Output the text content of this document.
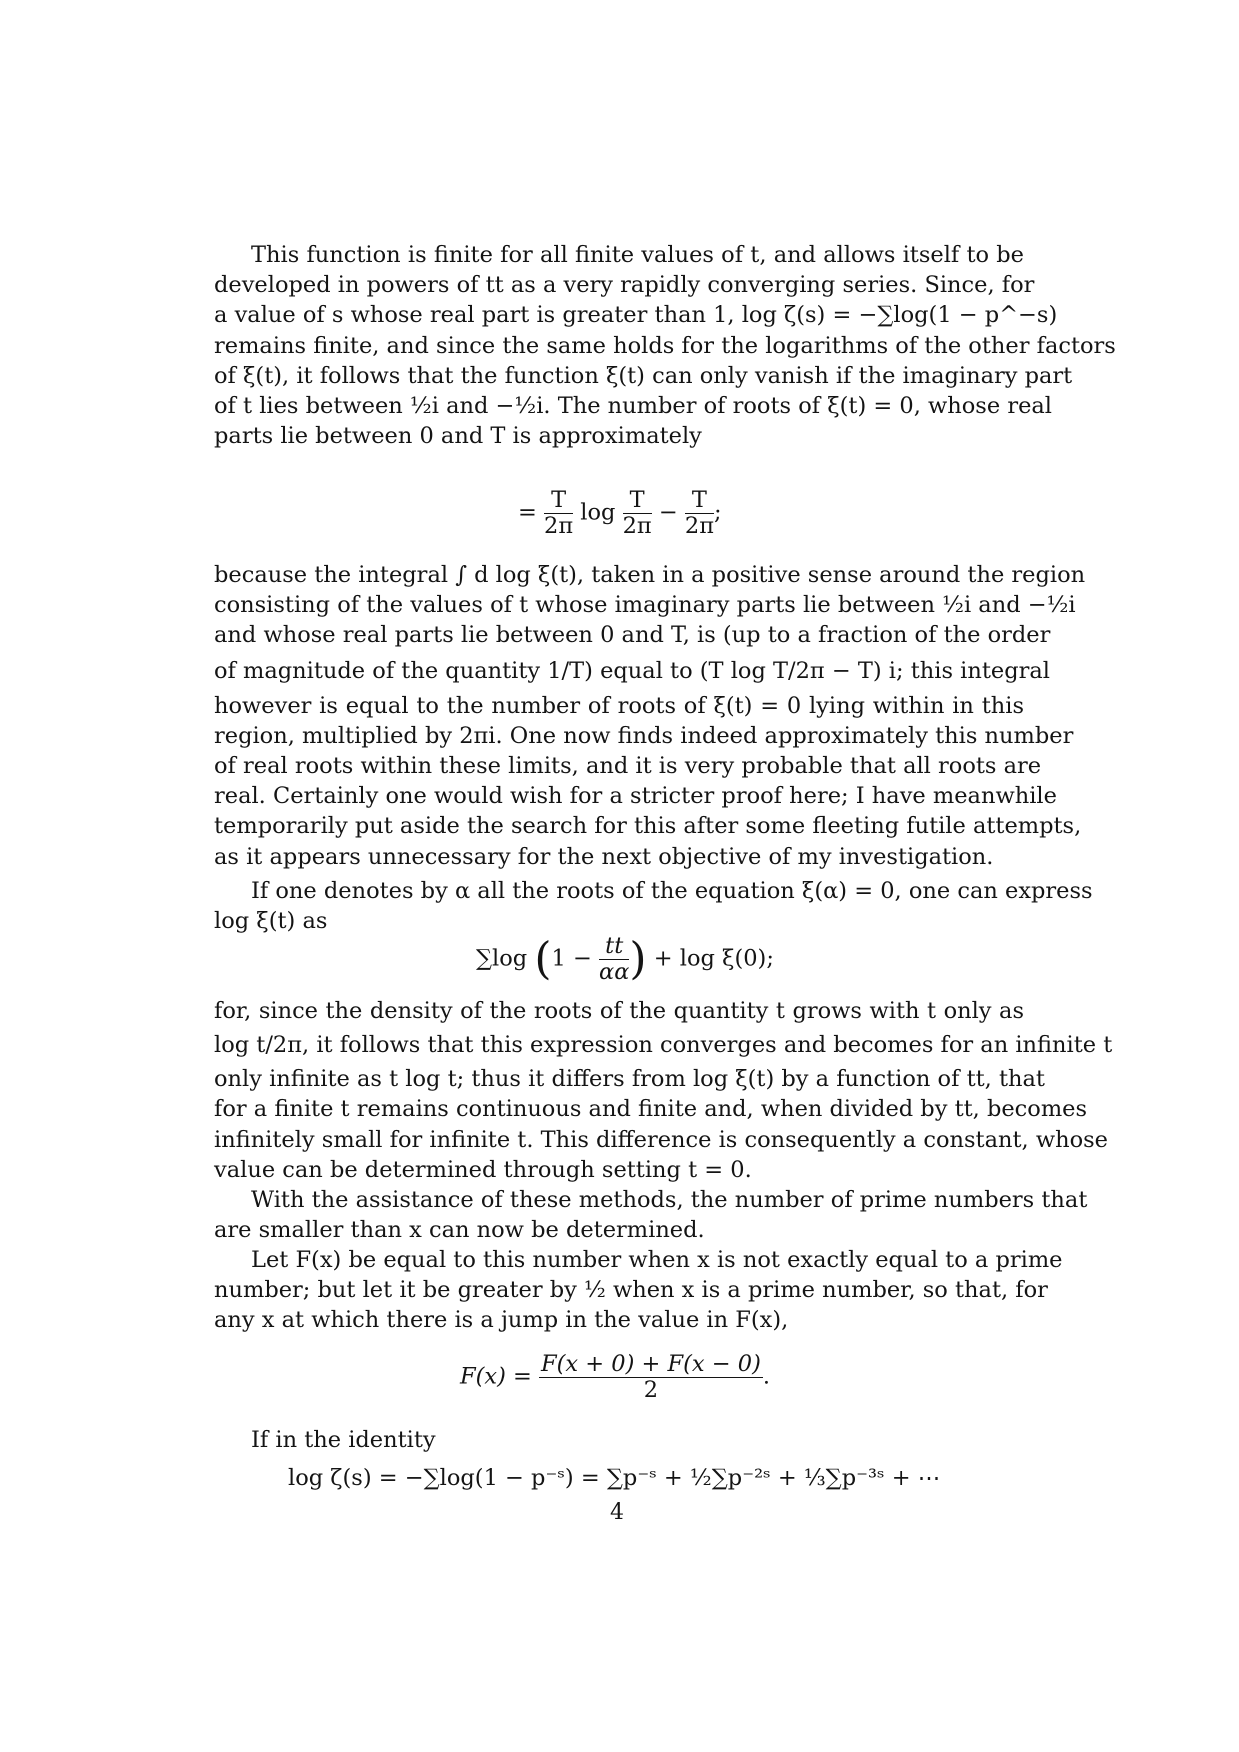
This function is finite for all finite values of t, and allows itself to be
developed in powers of tt as a very rapidly converging series. Since, for
a value of s whose real part is greater than 1, log ζ(s) = −∑log(1 − p^−s)
remains finite, and since the same holds for the logarithms of the other factors
of ξ(t), it follows that the function ξ(t) can only vanish if the imaginary part
of t lies between ½i and −½i. The number of roots of ξ(t) = 0, whose real
parts lie between 0 and T is approximately
= $\frac{T}{2\pi}$ $\log \frac{T}{2\pi} - \frac{T}{2\pi}$ ;
because the integral ∫ d log ξ(t), taken in a positive sense around the region
consisting of the values of t whose imaginary parts lie between ½i and −½i
and whose real parts lie between 0 and T, is (up to a fraction of the order
of magnitude of the quantity 1/T) equal to (T log T/2π − T) i; this integral
however is equal to the number of roots of ξ(t) = 0 lying within in this
region, multiplied by 2πi. One now finds indeed approximately this number
of real roots within these limits, and it is very probable that all roots are
real. Certainly one would wish for a stricter proof here; I have meanwhile
temporarily put aside the search for this after some fleeting futile attempts,
as it appears unnecessary for the next objective of my investigation.
If one denotes by α all the roots of the equation ξ(α) = 0, one can express
log ξ(t) as
∑log ($1 - \frac{tt}{\alpha\alpha}$ ) + log ξ(0);
for, since the density of the roots of the quantity t grows with t only as
log t/2π, it follows that this expression converges and becomes for an infinite t
only infinite as t log t; thus it differs from log ξ(t) by a function of tt, that
for a finite t remains continuous and finite and, when divided by tt, becomes
infinitely small for infinite t. This difference is consequently a constant, whose
value can be determined through setting t = 0.
With the assistance of these methods, the number of prime numbers that
are smaller than x can now be determined.
Let F(x) be equal to this number when x is not exactly equal to a prime
number; but let it be greater by ½ when x is a prime number, so that, for
any x at which there is a jump in the value in F(x),
$F(x) = \frac{F(x + 0) + F(x - 0)}{2}$ .
If in the identity
log ζ(s) = −∑log(1 − p⁻ˢ) = ∑p⁻ˢ + ½∑p⁻²ˢ + ⅓∑p⁻³ˢ + ⋯
4
